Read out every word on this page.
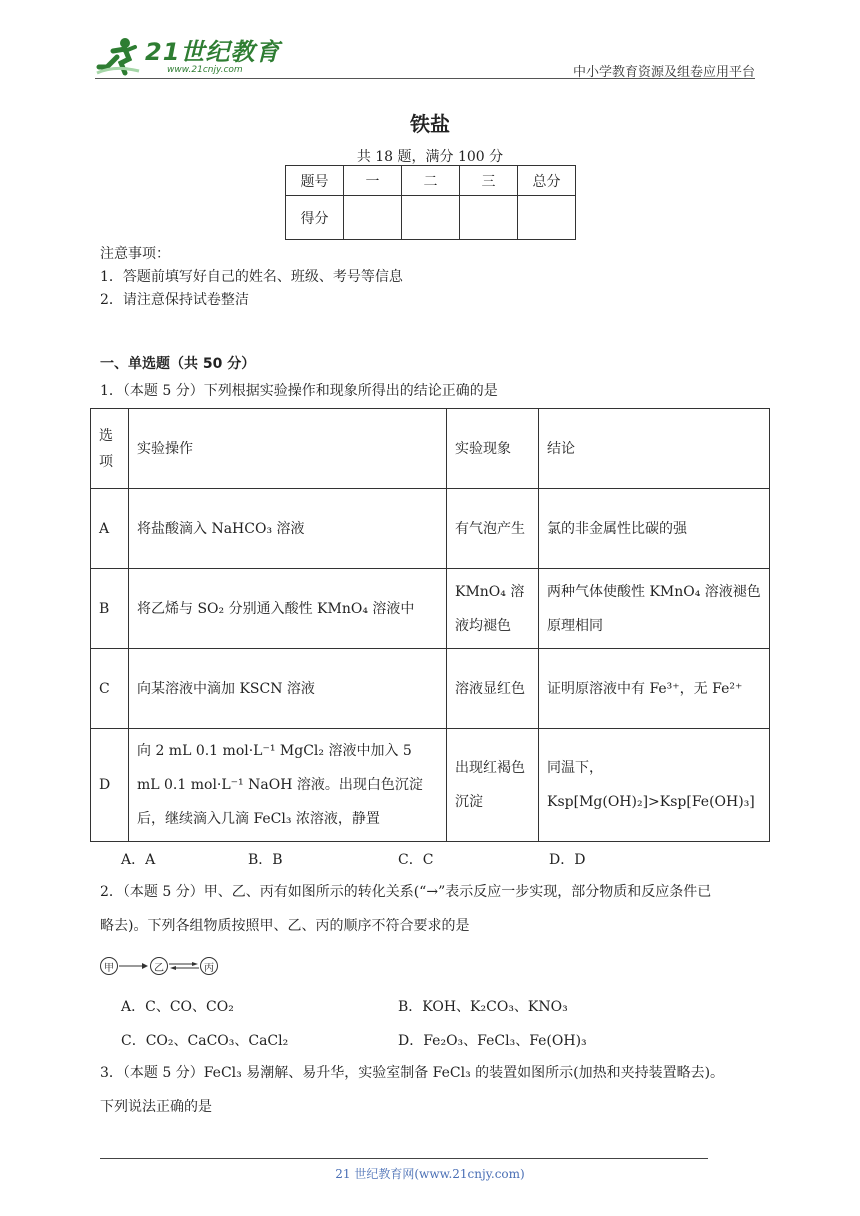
21世纪教育
www.21cnjy.com	中小学教育资源及组卷应用平台
铁盐
共 18 题，满分 100 分
题号	一	二	三	总分
得分				
注意事项：
1．答题前填写好自己的姓名、班级、考号等信息
2．请注意保持试卷整洁
一、单选题（共 50 分）
1．（本题 5 分）下列根据实验操作和现象所得出的结论正确的是
选项	实验操作	实验现象	结论
A	将盐酸滴入 NaHCO₃ 溶液	有气泡产生	氯的非金属性比碳的强
B	将乙烯与 SO₂ 分别通入酸性 KMnO₄ 溶液中	KMnO₄ 溶液均褪色	两种气体使酸性 KMnO₄ 溶液褪色原理相同
C	向某溶液中滴加 KSCN 溶液	溶液显红色	证明原溶液中有 Fe³⁺，无 Fe²⁺
D	向 2 mL 0.1 mol·L⁻¹ MgCl₂ 溶液中加入 5 mL 0.1 mol·L⁻¹ NaOH 溶液。出现白色沉淀后，继续滴入几滴 FeCl₃ 浓溶液，静置	出现红褐色沉淀	同温下，Ksp[Mg(OH)₂]>Ksp[Fe(OH)₃]
A．A	B．B	C．C	D．D
2．（本题 5 分）甲、乙、丙有如图所示的转化关系(“→”表示反应一步实现，部分物质和反应条件已
略去)。下列各组物质按照甲、乙、丙的顺序不符合要求的是
甲	乙	丙
A．C、CO、CO₂	B．KOH、K₂CO₃、KNO₃
C．CO₂、CaCO₃、CaCl₂	D．Fe₂O₃、FeCl₃、Fe(OH)₃
3．（本题 5 分）FeCl₃ 易潮解、易升华，实验室制备 FeCl₃ 的装置如图所示(加热和夹持装置略去)。
下列说法正确的是
21 世纪教育网(www.21cnjy.com)
